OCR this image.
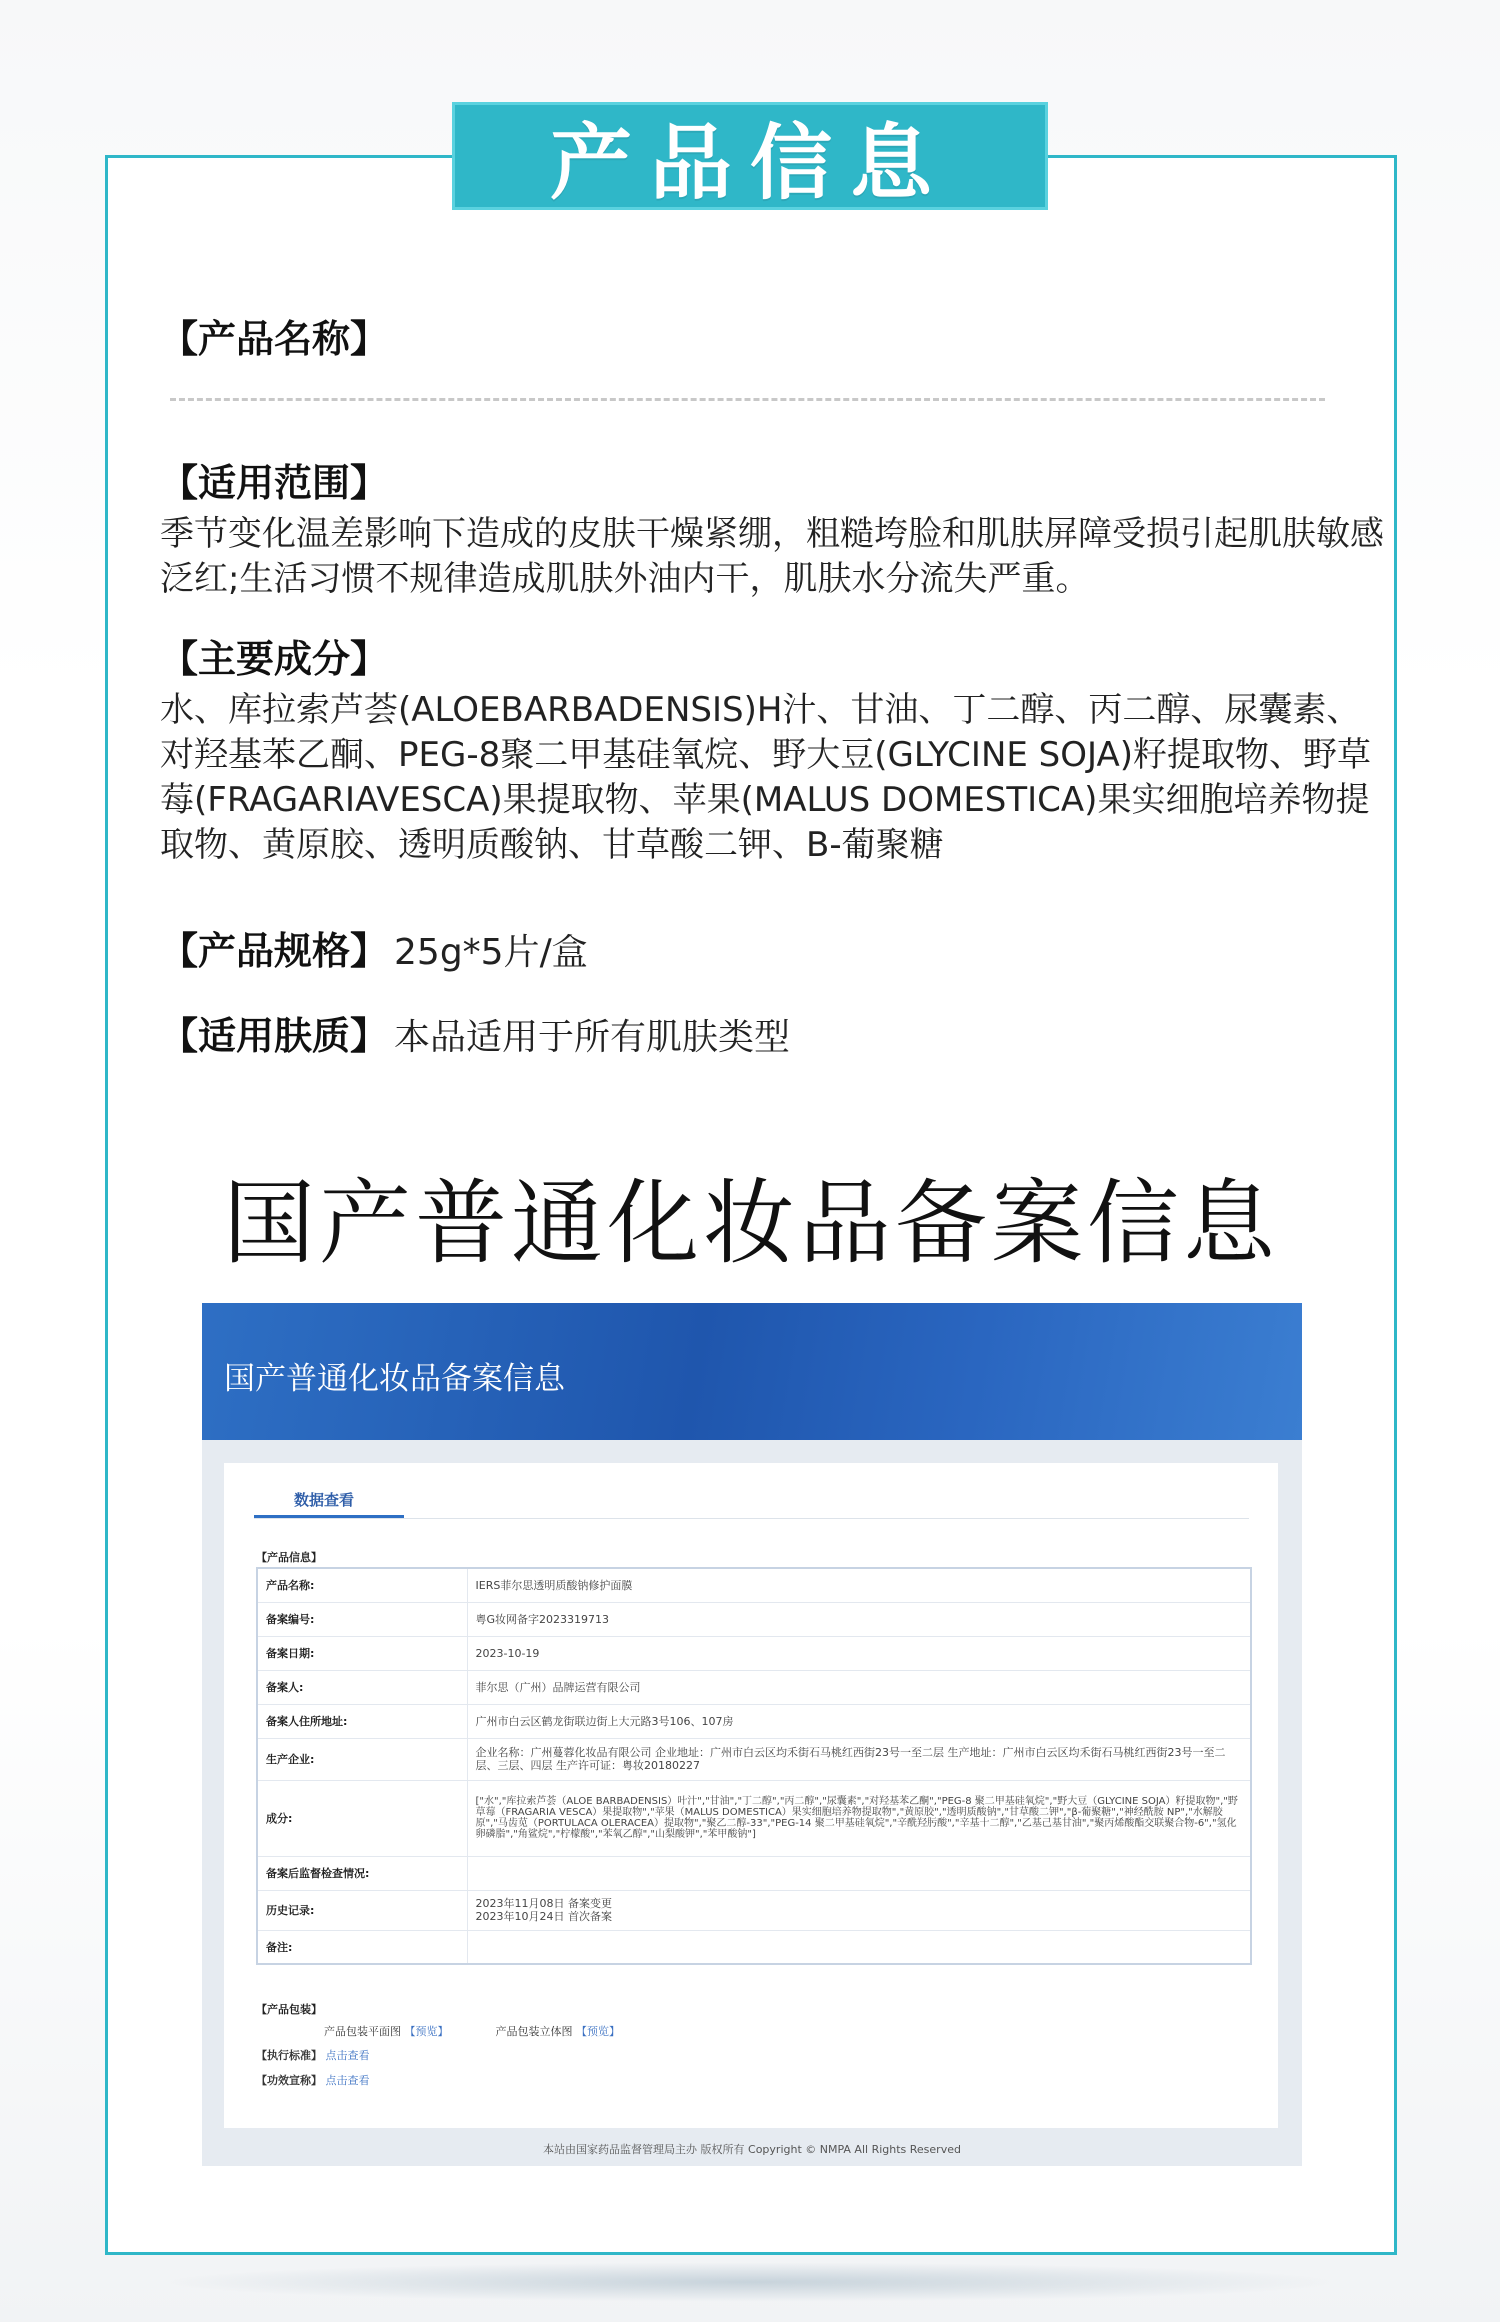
产品信息
【产品名称】
【适用范围】
季节变化温差影响下造成的皮肤干燥紧绷，粗糙垮脸和肌肤屏障受损引起肌肤敏感泛红;生活习惯不规律造成肌肤外油内干，肌肤水分流失严重。
【主要成分】
水、库拉索芦荟(ALOEBARBADENSIS)H汁、甘油、丁二醇、丙二醇、尿囊素、对羟基苯乙酮、PEG-8聚二甲基硅氧烷、野大豆(GLYCINE SOJA)籽提取物、野草莓(FRAGARIAVESCA)果提取物、苹果(MALUS DOMESTICA)果实细胞培养物提取物、黄原胶、透明质酸钠、甘草酸二钾、B-葡聚糖
【产品规格】 25g*5片/盒
【适用肤质】 本品适用于所有肌肤类型
国产普通化妆品备案信息
国产普通化妆品备案信息
数据查看
【产品信息】
产品名称:	IERS菲尔思透明质酸钠修护面膜
备案编号:	粤G妆网备字2023319713
备案日期:	2023-10-19
备案人:	菲尔思（广州）品牌运营有限公司
备案人住所地址:	广州市白云区鹤龙街联边街上大元路3号106、107房
生产企业:	企业名称：广州蔓蓉化妆品有限公司 企业地址：广州市白云区均禾街石马桃红西街23号一至二层 生产地址：广州市白云区均禾街石马桃红西街23号一至二层、三层、四层 生产许可证：粤妆20180227
成分:	["水","库拉索芦荟（ALOE BARBADENSIS）叶汁","甘油","丁二醇","丙二醇","尿囊素","对羟基苯乙酮","PEG-8 聚二甲基硅氧烷","野大豆（GLYCINE SOJA）籽提取物","野草莓（FRAGARIA VESCA）果提取物","苹果（MALUS DOMESTICA）果实细胞培养物提取物","黄原胶","透明质酸钠","甘草酸二钾","β-葡聚糖","神经酰胺 NP","水解胶原","马齿苋（PORTULACA OLERACEA）提取物","聚乙二醇-33","PEG-14 聚二甲基硅氧烷","辛酰羟肟酸","辛基十二醇","乙基己基甘油","聚丙烯酸酯交联聚合物-6","氢化卵磷脂","角鲨烷","柠檬酸","苯氧乙醇","山梨酸钾","苯甲酸钠"]
备案后监督检查情况:	
历史记录:	2023年11月08日 备案变更
2023年10月24日 首次备案
备注:	
【产品包装】
产品包装平面图 【预览】	产品包装立体图 【预览】
【执行标准】 点击查看
【功效宣称】 点击查看
本站由国家药品监督管理局主办 版权所有 Copyright © NMPA All Rights Reserved
